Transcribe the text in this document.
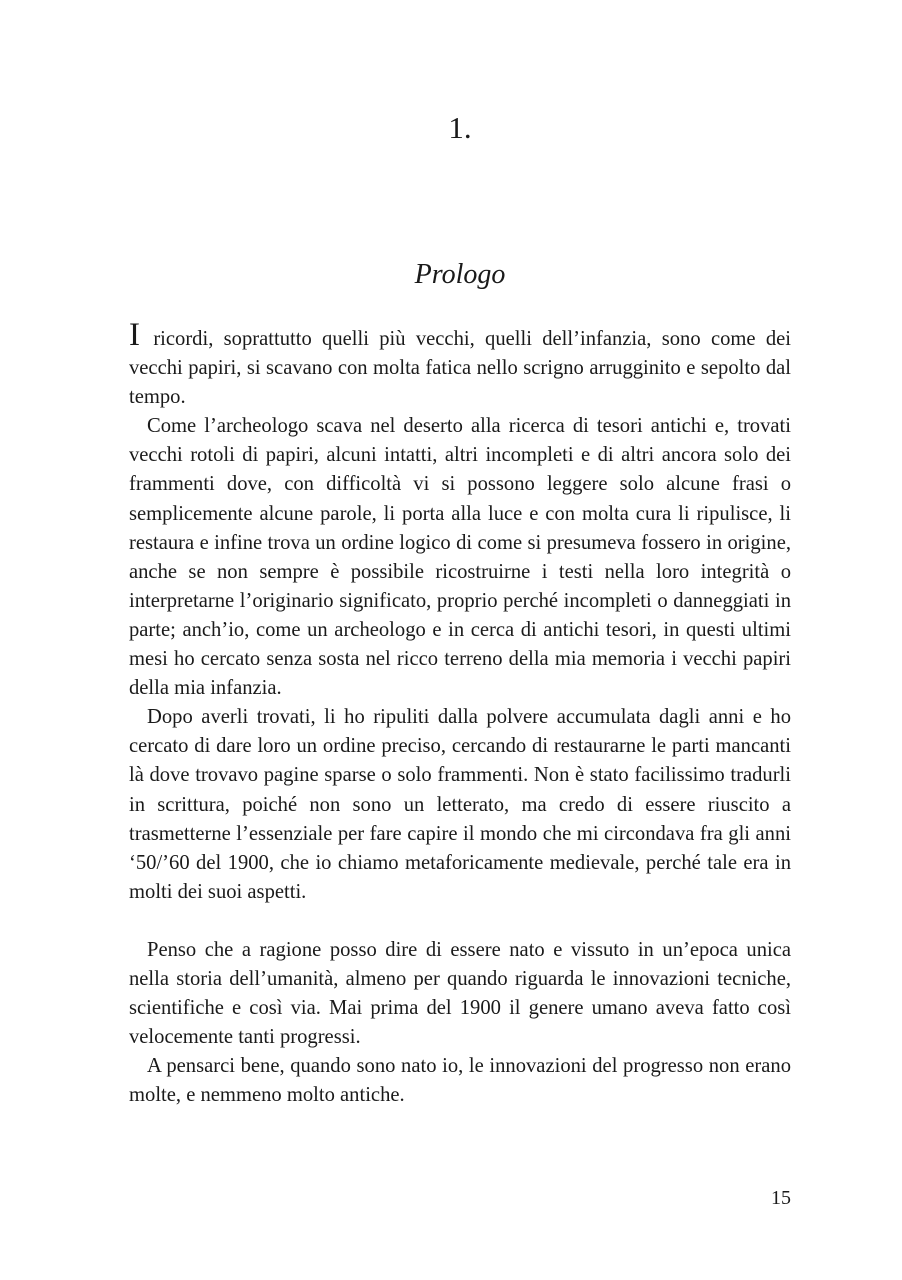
1.
Prologo

I ricordi, soprattutto quelli più vecchi, quelli dell’infanzia, sono come dei vecchi papiri, si scavano con molta fatica nello scrigno arrugginito e sepolto dal tempo.

Come l’archeologo scava nel deserto alla ricerca di tesori antichi e, trovati vecchi rotoli di papiri, alcuni intatti, altri incompleti e di altri ancora solo dei frammenti dove, con difficoltà vi si possono leggere solo alcune frasi o semplicemente alcune parole, li porta alla luce e con molta cura li ripulisce, li restaura e infine trova un ordine logico di come si presumeva fossero in origine, anche se non sempre è possibile ricostruirne i testi nella loro integrità o interpretarne l’originario significato, proprio perché incompleti o danneggiati in parte; anch’io, come un archeologo e in cerca di antichi tesori, in questi ultimi mesi ho cercato senza sosta nel ricco terreno della mia memoria i vecchi papiri della mia infanzia.

Dopo averli trovati, li ho ripuliti dalla polvere accumulata dagli anni e ho cercato di dare loro un ordine preciso, cercando di restaurarne le parti mancanti là dove trovavo pagine sparse o solo frammenti. Non è stato facilissimo tradurli in scrittura, poiché non sono un letterato, ma credo di essere riuscito a trasmetterne l’essenziale per fare capire il mondo che mi circondava fra gli anni ‘50/’60 del 1900, che io chiamo metaforicamente medievale, perché tale era in molti dei suoi aspetti.

Penso che a ragione posso dire di essere nato e vissuto in un’epoca unica nella storia dell’umanità, almeno per quando riguarda le innovazioni tecniche, scientifiche e così via. Mai prima del 1900 il genere umano aveva fatto così velocemente tanti progressi.

A pensarci bene, quando sono nato io, le innovazioni del progresso non erano molte, e nemmeno molto antiche.

15
